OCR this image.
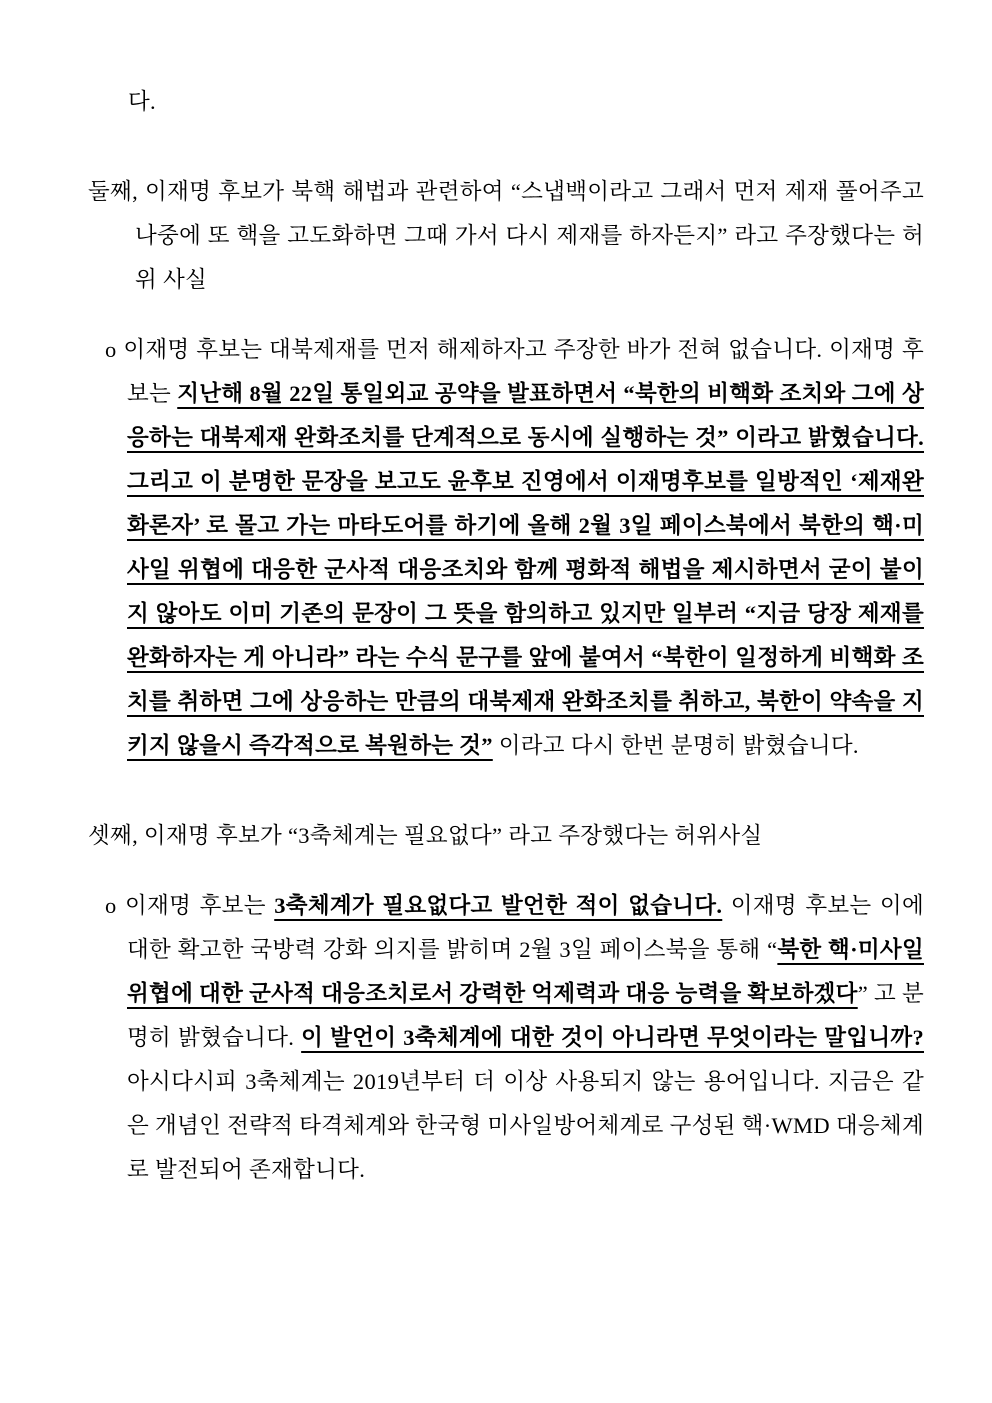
다.

둘째, 이재명 후보가 북핵 해법과 관련하여 “스냅백이라고 그래서 먼저 제재 풀어주고 나중에 또 핵을 고도화하면 그때 가서 다시 제재를 하자든지” 라고 주장했다는 허위 사실

o 이재명 후보는 대북제재를 먼저 해제하자고 주장한 바가 전혀 없습니다. 이재명 후보는 지난해 8월 22일 통일외교 공약을 발표하면서 “북한의 비핵화 조치와 그에 상응하는 대북제재 완화조치를 단계적으로 동시에 실행하는 것” 이라고 밝혔습니다. 그리고 이 분명한 문장을 보고도 윤후보 진영에서 이재명후보를 일방적인 ‘제재완화론자’ 로 몰고 가는 마타도어를 하기에 올해 2월 3일 페이스북에서 북한의 핵·미사일 위협에 대응한 군사적 대응조치와 함께 평화적 해법을 제시하면서 굳이 붙이지 않아도 이미 기존의 문장이 그 뜻을 함의하고 있지만 일부러 “지금 당장 제재를 완화하자는 게 아니라” 라는 수식 문구를 앞에 붙여서 “북한이 일정하게 비핵화 조치를 취하면 그에 상응하는 만큼의 대북제재 완화조치를 취하고, 북한이 약속을 지키지 않을시 즉각적으로 복원하는 것” 이라고 다시 한번 분명히 밝혔습니다.

셋째, 이재명 후보가 “3축체계는 필요없다” 라고 주장했다는 허위사실

o 이재명 후보는 3축체계가 필요없다고 발언한 적이 없습니다. 이재명 후보는 이에 대한 확고한 국방력 강화 의지를 밝히며 2월 3일 페이스북을 통해 “북한 핵·미사일 위협에 대한 군사적 대응조치로서 강력한 억제력과 대응 능력을 확보하겠다” 고 분명히 밝혔습니다. 이 발언이 3축체계에 대한 것이 아니라면 무엇이라는 말입니까? 아시다시피 3축체계는 2019년부터 더 이상 사용되지 않는 용어입니다. 지금은 같은 개념인 전략적 타격체계와 한국형 미사일방어체계로 구성된 핵·WMD 대응체계로 발전되어 존재합니다.
